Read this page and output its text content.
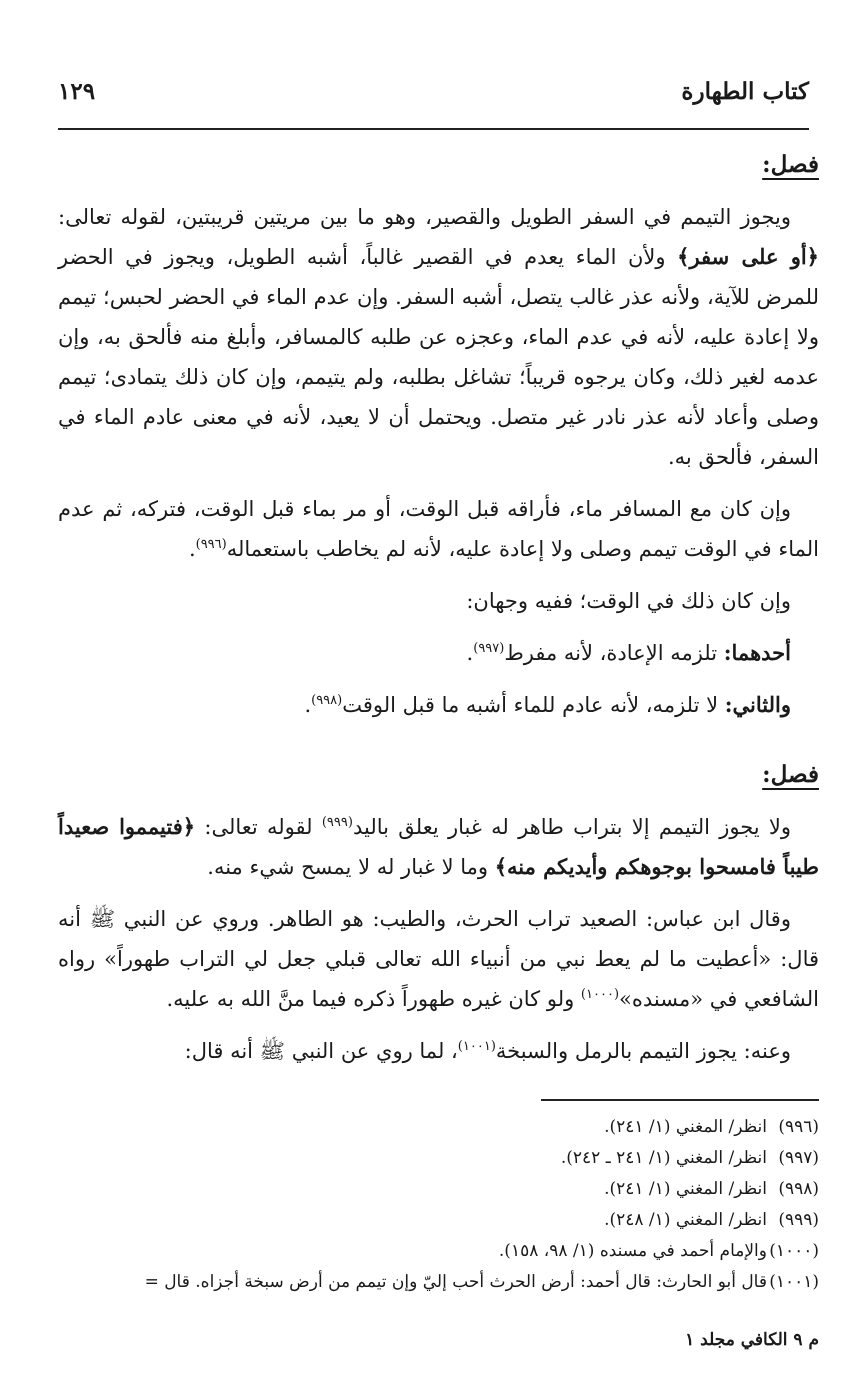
كتاب الطهارة
١٢٩
فصل:

ويجوز التيمم في السفر الطويل والقصير، وهو ما بين مريتين قريبتين، لقوله تعالى: ﴿أو على سفر﴾ ولأن الماء يعدم في القصير غالباً، أشبه الطويل، ويجوز في الحضر للمرض للآية، ولأنه عذر غالب يتصل، أشبه السفر. وإن عدم الماء في الحضر لحبس؛ تيمم ولا إعادة عليه، لأنه في عدم الماء، وعجزه عن طلبه كالمسافر، وأبلغ منه فألحق به، وإن عدمه لغير ذلك، وكان يرجوه قريباً؛ تشاغل بطلبه، ولم يتيمم، وإن كان ذلك يتمادى؛ تيمم وصلى وأعاد لأنه عذر نادر غير متصل. ويحتمل أن لا يعيد، لأنه في معنى عادم الماء في السفر، فألحق به.

وإن كان مع المسافر ماء، فأراقه قبل الوقت، أو مر بماء قبل الوقت، فتركه، ثم عدم الماء في الوقت تيمم وصلى ولا إعادة عليه، لأنه لم يخاطب باستعماله$^{(٩٩٦)}$.

وإن كان ذلك في الوقت؛ ففيه وجهان:

أحدهما: تلزمه الإعادة، لأنه مفرط$^{(٩٩٧)}$.

والثاني: لا تلزمه، لأنه عادم للماء أشبه ما قبل الوقت$^{(٩٩٨)}$.

فصل:

ولا يجوز التيمم إلا بتراب طاهر له غبار يعلق باليد$^{(٩٩٩)}$ لقوله تعالى: ﴿فتيمموا صعيداً طيباً فامسحوا بوجوهكم وأيديكم منه﴾ وما لا غبار له لا يمسح شيء منه.

وقال ابن عباس: الصعيد تراب الحرث، والطيب: هو الطاهر. وروي عن النبي ﷺ أنه قال: «أعطيت ما لم يعط نبي من أنبياء الله تعالى قبلي جعل لي التراب طهوراً» رواه الشافعي في «مسنده»$^{(١٠٠٠)}$ ولو كان غيره طهوراً ذكره فيما منَّ الله به عليه.

وعنه: يجوز التيمم بالرمل والسبخة$^{(١٠٠١)}$، لما روي عن النبي ﷺ أنه قال:

(٩٩٦)انظر/ المغني (١/ ٢٤١).
(٩٩٧)انظر/ المغني (١/ ٢٤١ ـ ٢٤٢).
(٩٩٨)انظر/ المغني (١/ ٢٤١).
(٩٩٩)انظر/ المغني (١/ ٢٤٨).
(١٠٠٠)والإمام أحمد في مسنده (١/ ٩٨، ١٥٨).
(١٠٠١)قال أبو الحارث: قال أحمد: أرض الحرث أحب إليّ وإن تيمم من أرض سبخة أجزاه. قال =
م ٩ الكافي مجلد ١
